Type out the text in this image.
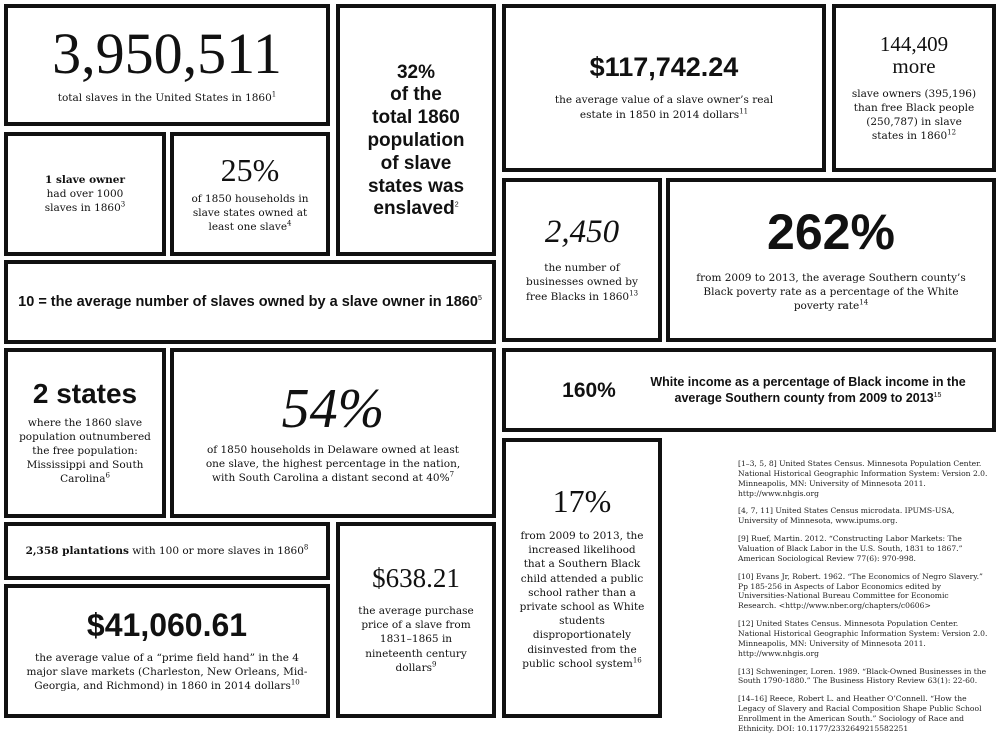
3,950,511
total slaves in the United States in 1860$^1$

32%
of the
total 1860
population
of slave
states was
enslaved$^2$

$117,742.24
the average value of a slave owner’s real estate in 1850 in 2014 dollars$^{11}$
144,409
more
slave owners (395,196) than free Black people (250,787) in slave states in 1860$^{12}$
1 slave owner
had over 1000 slaves in 1860$^3$
25%
of 1850 households in slave states owned at least one slave$^4$	2,450
the number of businesses owned by free Blacks in 1860$^{13}$
262%
from 2009 to 2013, the average Southern county’s Black poverty rate as a percentage of the White poverty rate$^{14}$
10 = the average number of slaves owned by a slave owner in 1860$^5$
2 states
where the 1860 slave population outnumbered the free population: Mississippi and South Carolina$^6$
54%
of 1850 households in Delaware owned at least one slave, the highest percentage in the nation, with South Carolina a distant second at 40%$^7$
160%	White income as a percentage of Black income in the average Southern county from 2009 to 2013$^{15}$
17%
from 2009 to 2013, the increased likelihood that a Southern Black child attended a public school rather than a private school as White students disproportionately disinvested from the public school system$^{16}$
2,358 plantations with 100 or more slaves in 1860$^8$
$638.21
the average purchase price of a slave from 1831–1865 in nineteenth century dollars$^9$
$41,060.61
the average value of a “prime field hand” in the 4 major slave markets (Charleston, New Orleans, Mid-Georgia, and Richmond) in 1860 in 2014 dollars$^{10}$

[1–3, 5, 8] United States Census. Minnesota Population Center. National Historical Geographic Information System: Version 2.0. Minneapolis, MN: University of Minnesota 2011. http://www.nhgis.org

[4, 7, 11] United States Census microdata. IPUMS-USA, University of Minnesota, www.ipums.org.

[9] Ruef, Martin. 2012. “Constructing Labor Markets: The Valuation of Black Labor in the U.S. South, 1831 to 1867.” American Sociological Review 77(6): 970-998.

[10] Evans Jr, Robert. 1962. “The Economics of Negro Slavery.” Pp 185-256 in Aspects of Labor Economics edited by Universities-National Bureau Committee for Economic Research. <http://www.nber.org/chapters/c0606>

[12] United States Census. Minnesota Population Center. National Historical Geographic Information System: Version 2.0. Minneapolis, MN: University of Minnesota 2011. http://www.nhgis.org

[13] Schweninger, Loren. 1989. “Black-Owned Businesses in the South 1790-1880.” The Business History Review 63(1): 22-60.

[14–16] Reece, Robert L. and Heather O’Connell. “How the Legacy of Slavery and Racial Composition Shape Public School Enrollment in the American South.” Sociology of Race and Ethnicity. DOI: 10.1177/2332649215582251
